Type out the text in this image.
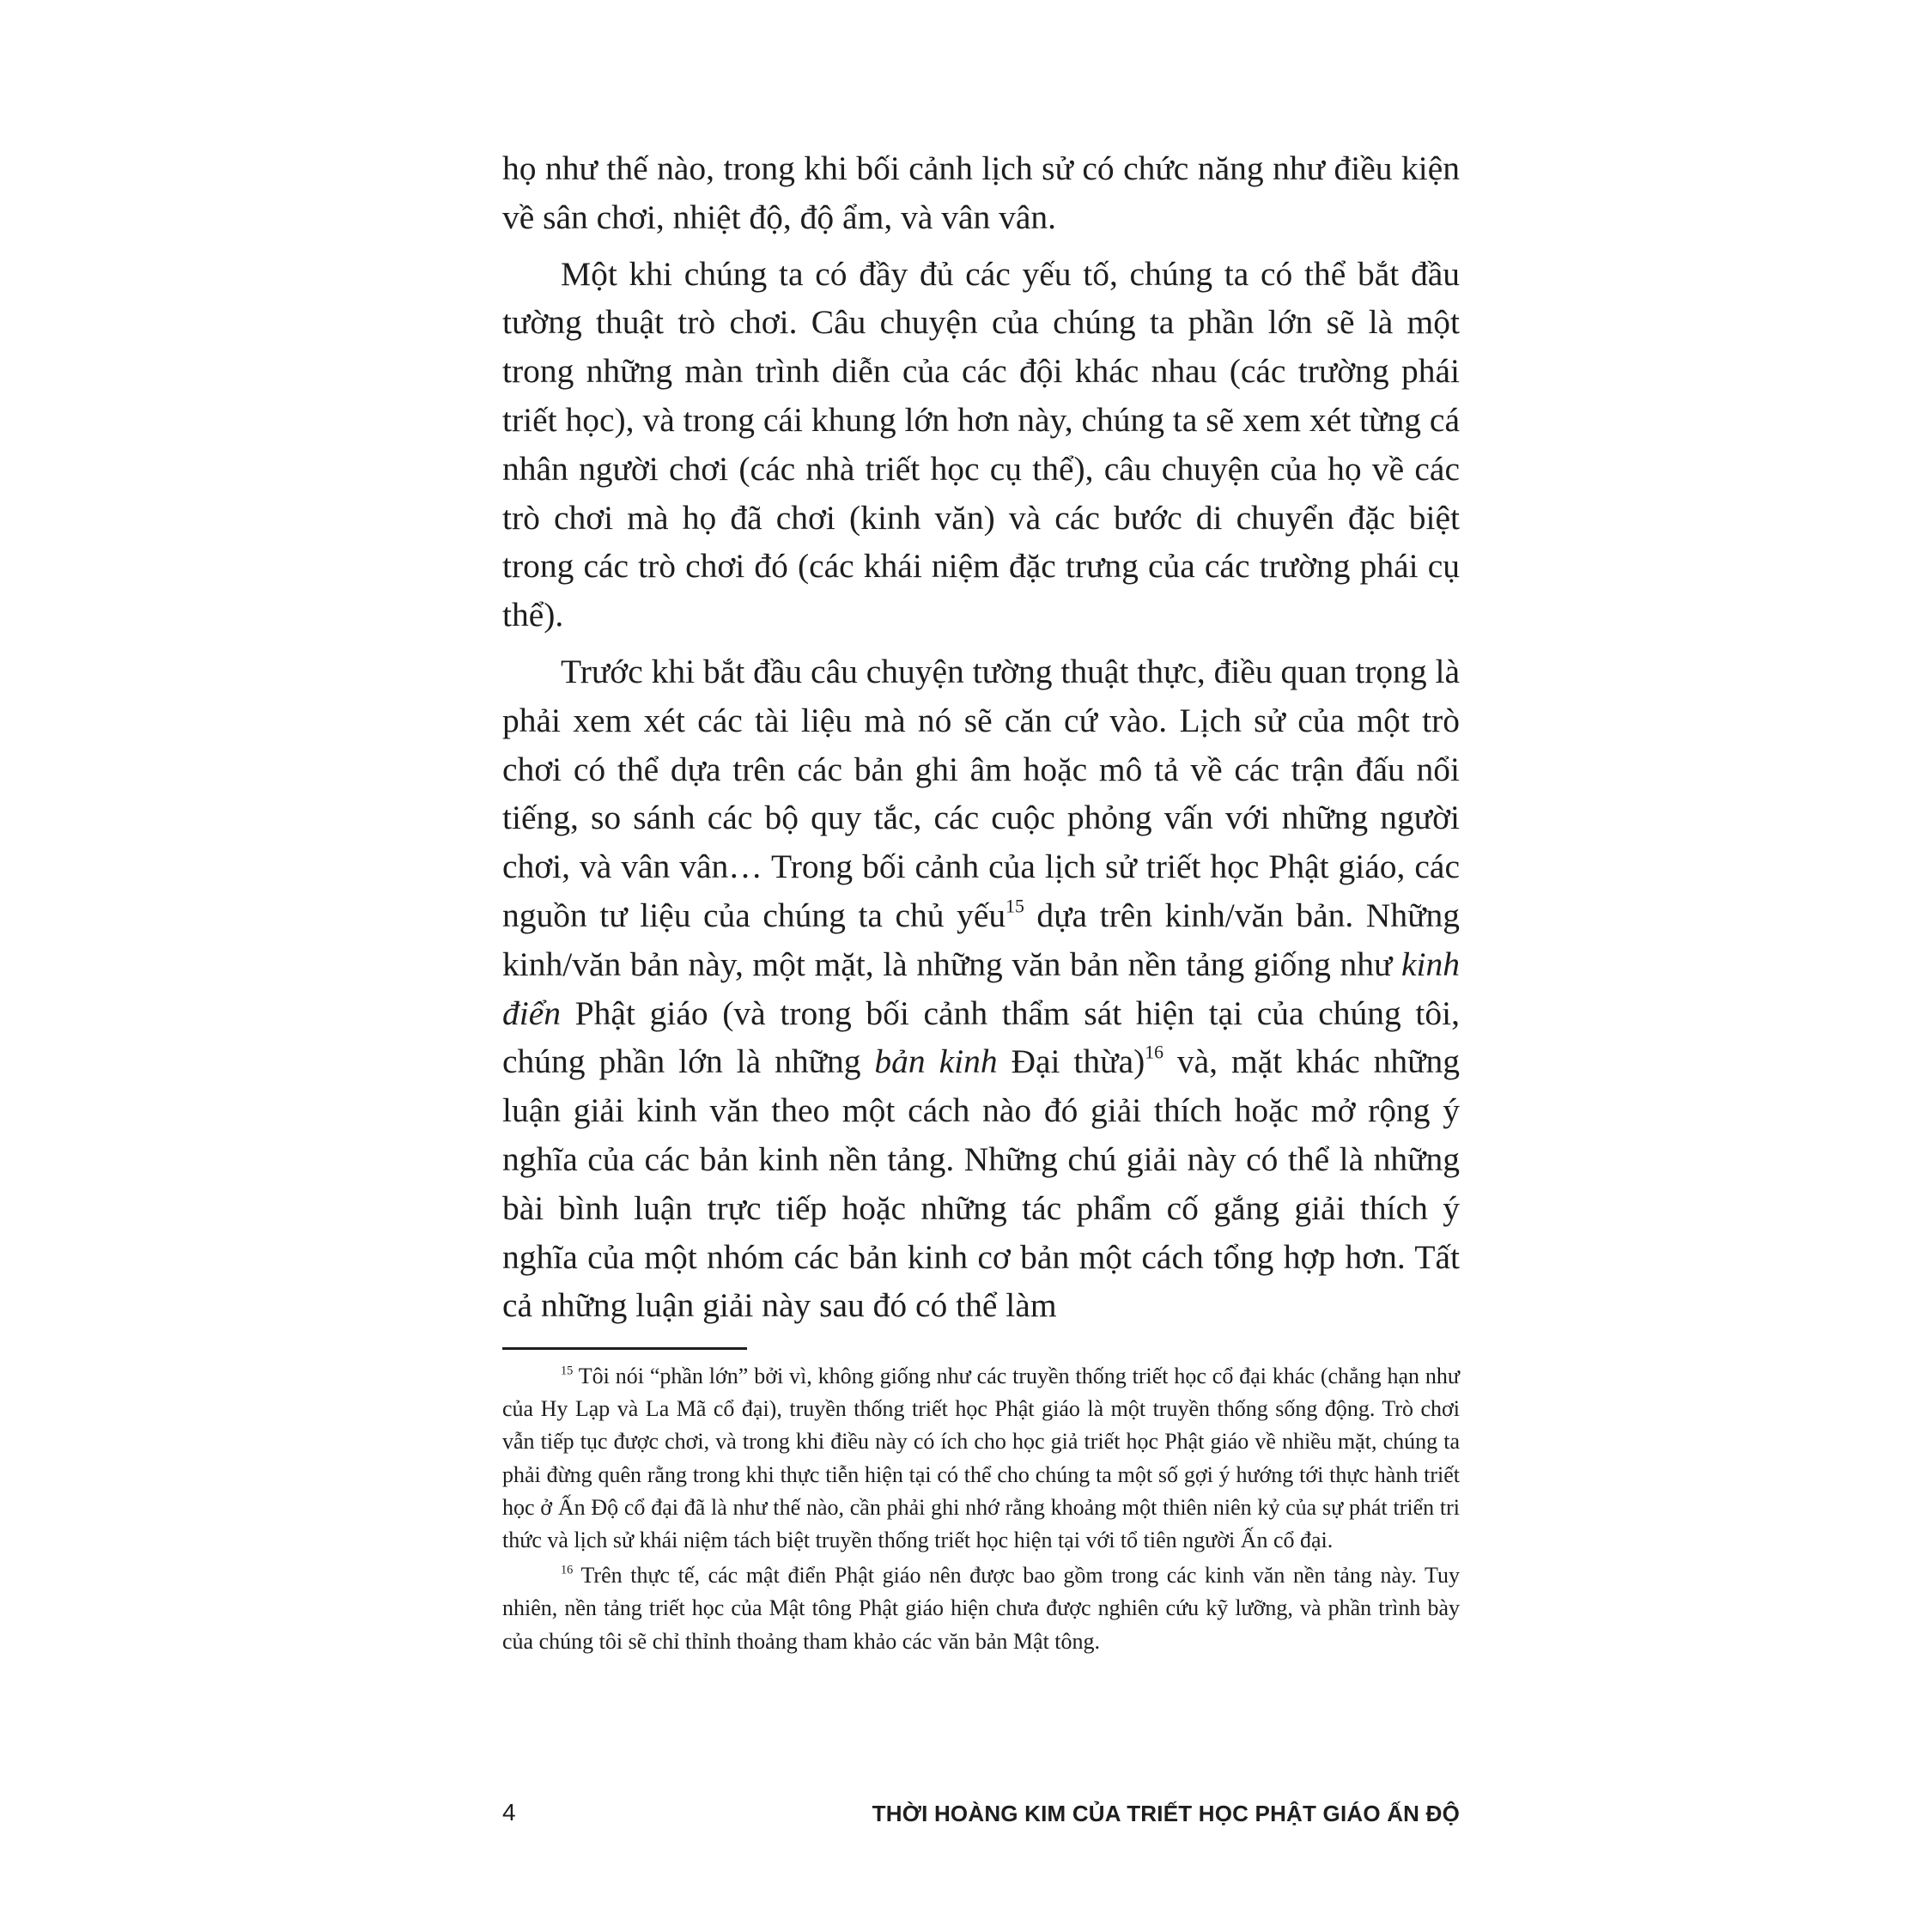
họ như thế nào, trong khi bối cảnh lịch sử có chức năng như điều kiện về sân chơi, nhiệt độ, độ ẩm, và vân vân.

Một khi chúng ta có đầy đủ các yếu tố, chúng ta có thể bắt đầu tường thuật trò chơi. Câu chuyện của chúng ta phần lớn sẽ là một trong những màn trình diễn của các đội khác nhau (các trường phái triết học), và trong cái khung lớn hơn này, chúng ta sẽ xem xét từng cá nhân người chơi (các nhà triết học cụ thể), câu chuyện của họ về các trò chơi mà họ đã chơi (kinh văn) và các bước di chuyển đặc biệt trong các trò chơi đó (các khái niệm đặc trưng của các trường phái cụ thể).

Trước khi bắt đầu câu chuyện tường thuật thực, điều quan trọng là phải xem xét các tài liệu mà nó sẽ căn cứ vào. Lịch sử của một trò chơi có thể dựa trên các bản ghi âm hoặc mô tả về các trận đấu nổi tiếng, so sánh các bộ quy tắc, các cuộc phỏng vấn với những người chơi, và vân vân… Trong bối cảnh của lịch sử triết học Phật giáo, các nguồn tư liệu của chúng ta chủ yếu$^{15}$ dựa trên kinh/văn bản. Những kinh/văn bản này, một mặt, là những văn bản nền tảng giống như kinh điển Phật giáo (và trong bối cảnh thẩm sát hiện tại của chúng tôi, chúng phần lớn là những bản kinh Đại thừa)$^{16}$ và, mặt khác những luận giải kinh văn theo một cách nào đó giải thích hoặc mở rộng ý nghĩa của các bản kinh nền tảng. Những chú giải này có thể là những bài bình luận trực tiếp hoặc những tác phẩm cố gắng giải thích ý nghĩa của một nhóm các bản kinh cơ bản một cách tổng hợp hơn. Tất cả những luận giải này sau đó có thể làm

$^{15}$ Tôi nói “phần lớn” bởi vì, không giống như các truyền thống triết học cổ đại khác (chẳng hạn như của Hy Lạp và La Mã cổ đại), truyền thống triết học Phật giáo là một truyền thống sống động. Trò chơi vẫn tiếp tục được chơi, và trong khi điều này có ích cho học giả triết học Phật giáo về nhiều mặt, chúng ta phải đừng quên rằng trong khi thực tiễn hiện tại có thể cho chúng ta một số gợi ý hướng tới thực hành triết học ở Ấn Độ cổ đại đã là như thế nào, cần phải ghi nhớ rằng khoảng một thiên niên kỷ của sự phát triển tri thức và lịch sử khái niệm tách biệt truyền thống triết học hiện tại với tổ tiên người Ấn cổ đại.

$^{16}$ Trên thực tế, các mật điển Phật giáo nên được bao gồm trong các kinh văn nền tảng này. Tuy nhiên, nền tảng triết học của Mật tông Phật giáo hiện chưa được nghiên cứu kỹ lưỡng, và phần trình bày của chúng tôi sẽ chỉ thỉnh thoảng tham khảo các văn bản Mật tông.

4	THỜI HOÀNG KIM CỦA TRIẾT HỌC PHẬT GIÁO ẤN ĐỘ
